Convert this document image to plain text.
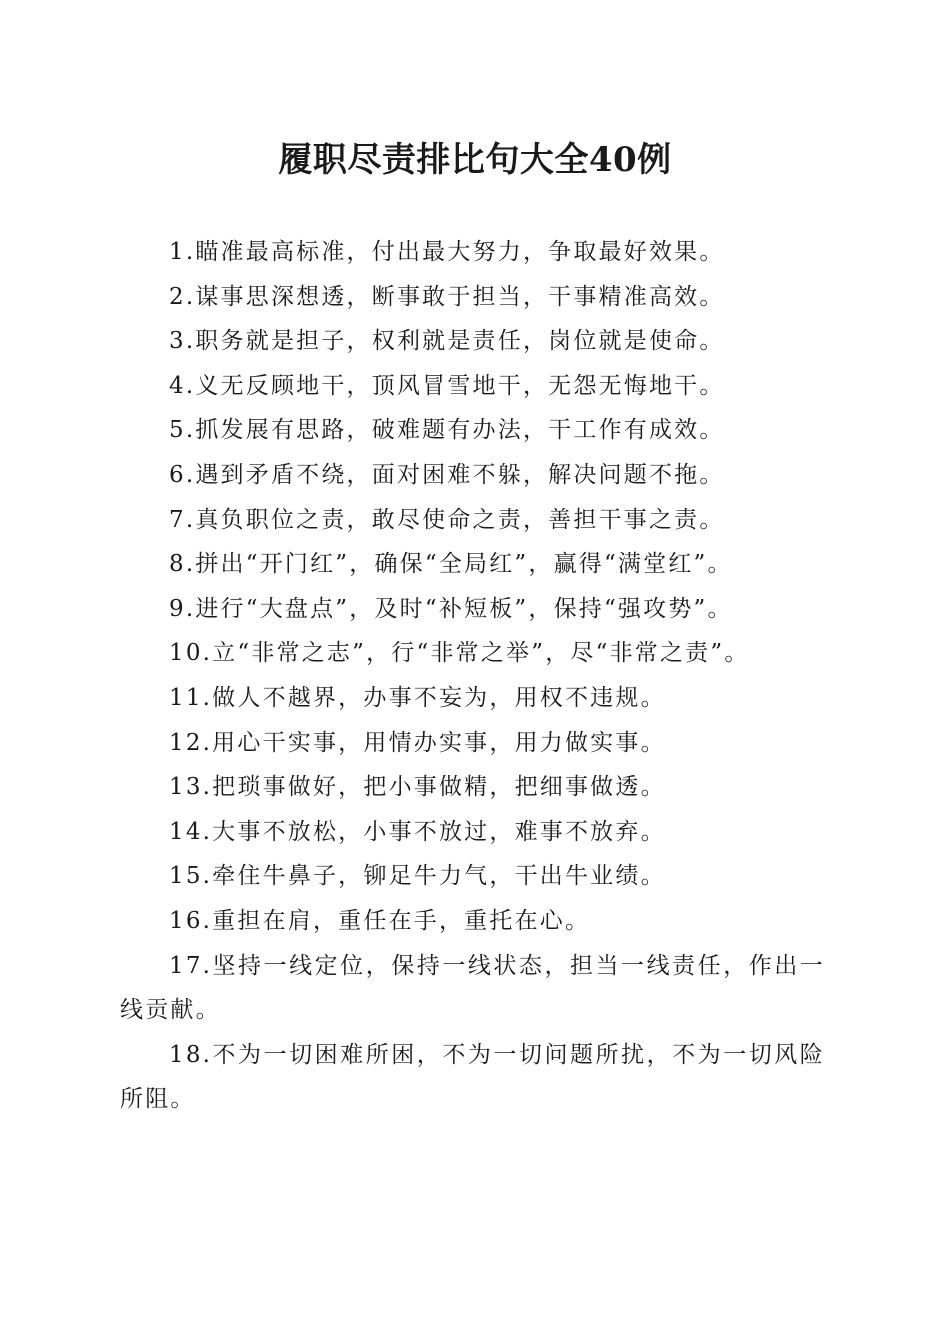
履职尽责排比句大全40例

1.瞄准最高标准，付出最大努力，争取最好效果。

2.谋事思深想透，断事敢于担当，干事精准高效。

3.职务就是担子，权利就是责任，岗位就是使命。

4.义无反顾地干，顶风冒雪地干，无怨无悔地干。

5.抓发展有思路，破难题有办法，干工作有成效。

6.遇到矛盾不绕，面对困难不躲，解决问题不拖。

7.真负职位之责，敢尽使命之责，善担干事之责。

8.拼出“开门红”，确保“全局红”，赢得“满堂红”。

9.进行“大盘点”，及时“补短板”，保持“强攻势”。

10.立“非常之志”，行“非常之举”，尽“非常之责”。

11.做人不越界，办事不妄为，用权不违规。

12.用心干实事，用情办实事，用力做实事。

13.把琐事做好，把小事做精，把细事做透。

14.大事不放松，小事不放过，难事不放弃。

15.牵住牛鼻子，铆足牛力气，干出牛业绩。

16.重担在肩，重任在手，重托在心。

17.坚持一线定位，保持一线状态，担当一线责任，作出一线贡献。

18.不为一切困难所困，不为一切问题所扰，不为一切风险所阻。
